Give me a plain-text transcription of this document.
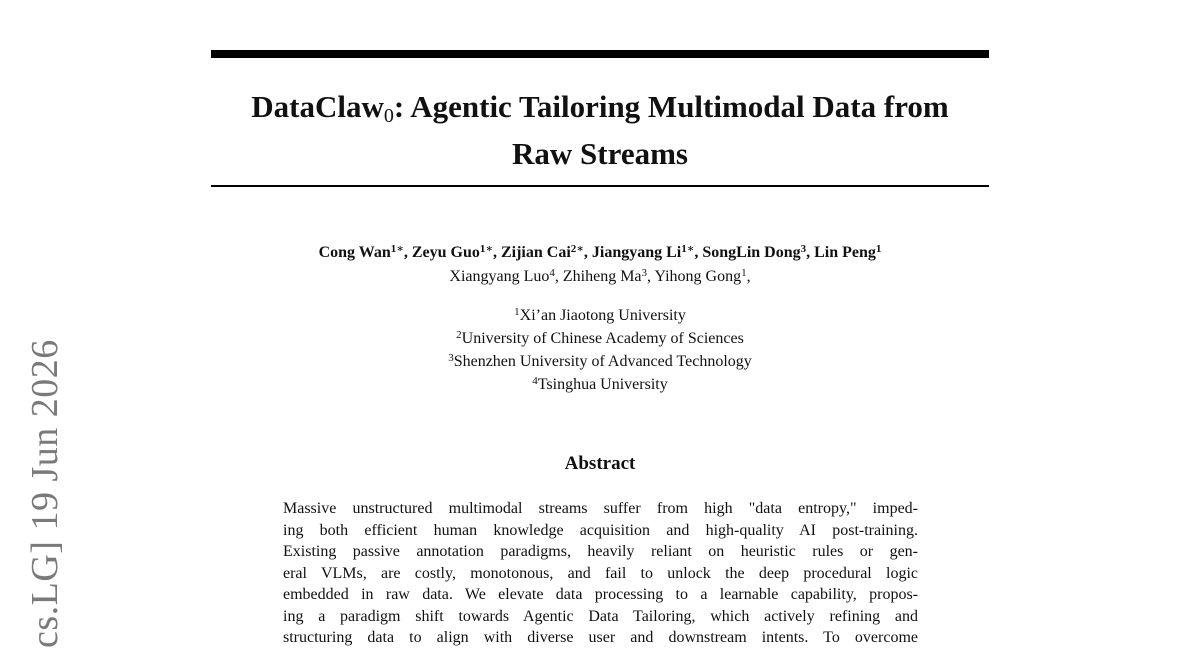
cs.LG] 19 Jun 2026
DataClaw$_0$: Agentic Tailoring Multimodal Data from
Raw Streams
Cong Wan$^{1∗}$, Zeyu Guo$^{1∗}$, Zijian Cai$^{2∗}$, Jiangyang $Li^{1∗}$, SongLin Dong$^3$, Lin Peng$^1$
Xiangyang Luo$^4$, Zhiheng Ma$^3$, Yihong Gong$^1$,
$^1$Xi’an Jiaotong University
$^2$University of Chinese Academy of Sciences
$^3$Shenzhen University of Advanced Technology
$^4$Tsinghua University
Abstract
Massive unstructured multimodal streams suffer from high "data entropy," imped-
ing both efficient human knowledge acquisition and high-quality AI post-training.
Existing passive annotation paradigms, heavily reliant on heuristic rules or gen-
eral VLMs, are costly, monotonous, and fail to unlock the deep procedural logic
embedded in raw data. We elevate data processing to a learnable capability, propos-
ing a paradigm shift towards Agentic Data Tailoring, which actively refining and
structuring data to align with diverse user and downstream intents. To overcome
